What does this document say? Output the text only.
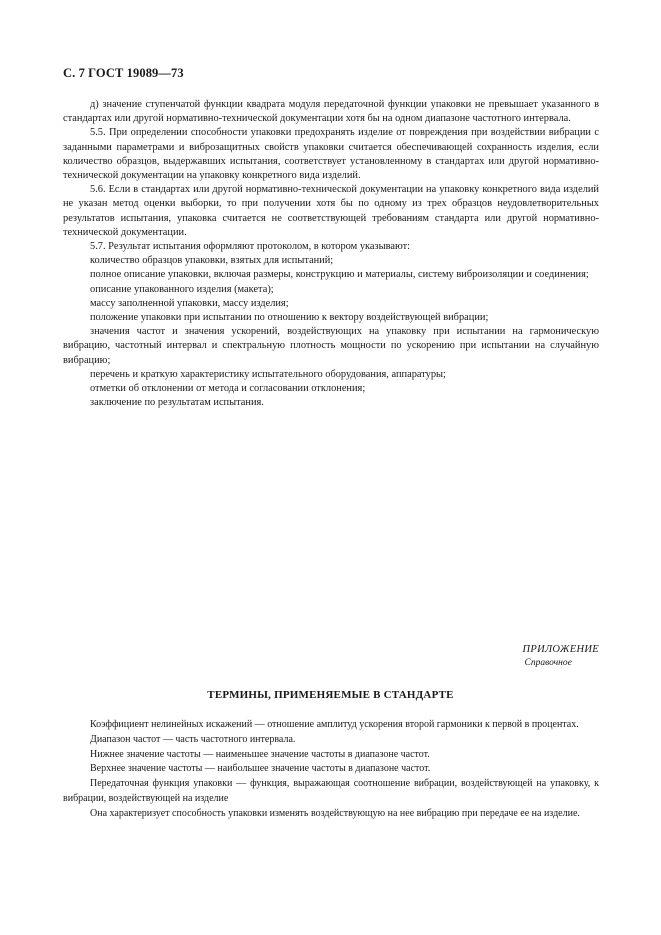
С. 7 ГОСТ 19089—73

д) значение ступенчатой функции квадрата модуля передаточной функции упаковки не превышает указанного в стандартах или другой нормативно-технической документации хотя бы на одном диапазоне частотного интервала.

5.5. При определении способности упаковки предохранять изделие от повреждения при воздействии вибрации с заданными параметрами и виброзащитных свойств упаковки считается обеспечивающей сохранность изделия, если количество образцов, выдержавших испытания, соответствует установленному в стандартах или другой нормативно-технической документации на упаковку конкретного вида изделий.

5.6. Если в стандартах или другой нормативно-технической документации на упаковку конкретного вида изделий не указан метод оценки выборки, то при получении хотя бы по одному из трех образцов неудовлетворительных результатов испытания, упаковка считается не соответствующей требованиям стандарта или другой нормативно-технической документации.

5.7. Результат испытания оформляют протоколом, в котором указывают:

количество образцов упаковки, взятых для испытаний;

полное описание упаковки, включая размеры, конструкцию и материалы, систему виброизоляции и соединения;

описание упакованного изделия (макета);

массу заполненной упаковки, массу изделия;

положение упаковки при испытании по отношению к вектору воздействующей вибрации;

значения частот и значения ускорений, воздействующих на упаковку при испытании на гармоническую вибрацию, частотный интервал и спектральную плотность мощности по ускорению при испытании на случайную вибрацию;

перечень и краткую характеристику испытательного оборудования, аппаратуры;

отметки об отклонении от метода и согласовании отклонения;

заключение по результатам испытания.

ПРИЛОЖЕНИЕ
Справочное
ТЕРМИНЫ, ПРИМЕНЯЕМЫЕ В СТАНДАРТЕ

Коэффициент нелинейных искажений — отношение амплитуд ускорения второй гармоники к первой в процентах.

Диапазон частот — часть частотного интервала.

Нижнее значение частоты — наименьшее значение частоты в диапазоне частот.

Верхнее значение частоты — наибольшее значение частоты в диапазоне частот.

Передаточная функция упаковки — функция, выражающая соотношение вибрации, воздействующей на упаковку, к вибрации, воздействующей на изделие

Она характеризует способность упаковки изменять воздействующую на нее вибрацию при передаче ее на изделие.
